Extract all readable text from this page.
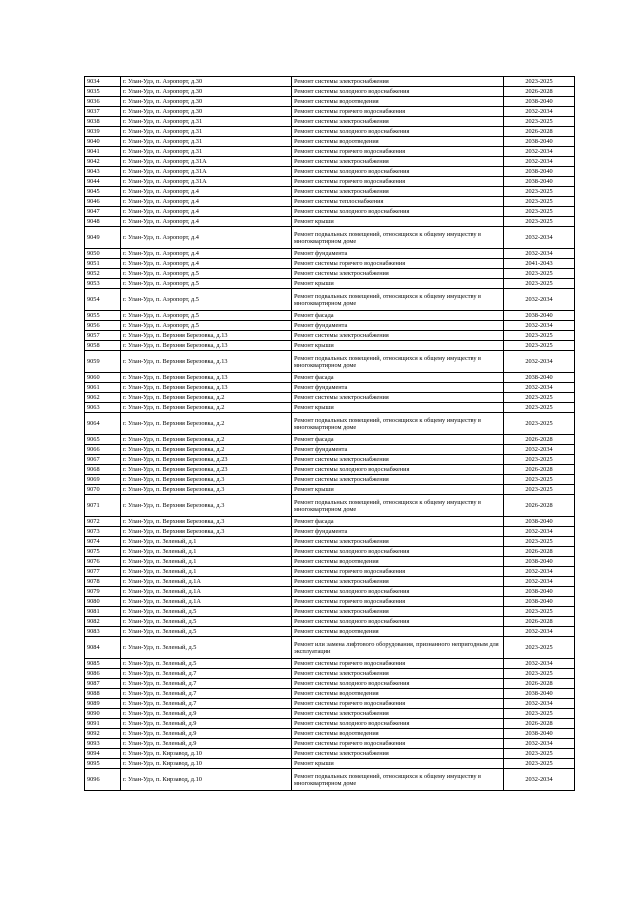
9034	г. Улан-Удэ, п. Аэропорт, д.30	Ремонт системы электроснабжения	2023-2025
9035	г. Улан-Удэ, п. Аэропорт, д.30	Ремонт системы холодного водоснабжения	2026-2028
9036	г. Улан-Удэ, п. Аэропорт, д.30	Ремонт системы водоотведения	2038-2040
9037	г. Улан-Удэ, п. Аэропорт, д.30	Ремонт системы горячего водоснабжения	2032-2034
9038	г. Улан-Удэ, п. Аэропорт, д.31	Ремонт системы электроснабжения	2023-2025
9039	г. Улан-Удэ, п. Аэропорт, д.31	Ремонт системы холодного водоснабжения	2026-2028
9040	г. Улан-Удэ, п. Аэропорт, д.31	Ремонт системы водоотведения	2038-2040
9041	г. Улан-Удэ, п. Аэропорт, д.31	Ремонт системы горячего водоснабжения	2032-2034
9042	г. Улан-Удэ, п. Аэропорт, д.31А	Ремонт системы электроснабжения	2032-2034
9043	г. Улан-Удэ, п. Аэропорт, д.31А	Ремонт системы холодного водоснабжения	2038-2040
9044	г. Улан-Удэ, п. Аэропорт, д.31А	Ремонт системы горячего водоснабжения	2038-2040
9045	г. Улан-Удэ, п. Аэропорт, д.4	Ремонт системы электроснабжения	2023-2025
9046	г. Улан-Удэ, п. Аэропорт, д.4	Ремонт системы теплоснабжения	2023-2025
9047	г. Улан-Удэ, п. Аэропорт, д.4	Ремонт системы холодного водоснабжения	2023-2025
9048	г. Улан-Удэ, п. Аэропорт, д.4	Ремонт крыши	2023-2025
9049	г. Улан-Удэ, п. Аэропорт, д.4	Ремонт подвальных помещений, относящихся к общему имуществу в многоквартирном доме	2032-2034
9050	г. Улан-Удэ, п. Аэропорт, д.4	Ремонт фундамента	2032-2034
9051	г. Улан-Удэ, п. Аэропорт, д.4	Ремонт системы горячего водоснабжения	2041-2043
9052	г. Улан-Удэ, п. Аэропорт, д.5	Ремонт системы электроснабжения	2023-2025
9053	г. Улан-Удэ, п. Аэропорт, д.5	Ремонт крыши	2023-2025
9054	г. Улан-Удэ, п. Аэропорт, д.5	Ремонт подвальных помещений, относящихся к общему имуществу в многоквартирном доме	2032-2034
9055	г. Улан-Удэ, п. Аэропорт, д.5	Ремонт фасада	2038-2040
9056	г. Улан-Удэ, п. Аэропорт, д.5	Ремонт фундамента	2032-2034
9057	г. Улан-Удэ, п. Верхняя Березовка, д.13	Ремонт системы электроснабжения	2023-2025
9058	г. Улан-Удэ, п. Верхняя Березовка, д.13	Ремонт крыши	2023-2025
9059	г. Улан-Удэ, п. Верхняя Березовка, д.13	Ремонт подвальных помещений, относящихся к общему имуществу в многоквартирном доме	2032-2034
9060	г. Улан-Удэ, п. Верхняя Березовка, д.13	Ремонт фасада	2038-2040
9061	г. Улан-Удэ, п. Верхняя Березовка, д.13	Ремонт фундамента	2032-2034
9062	г. Улан-Удэ, п. Верхняя Березовка, д.2	Ремонт системы электроснабжения	2023-2025
9063	г. Улан-Удэ, п. Верхняя Березовка, д.2	Ремонт крыши	2023-2025
9064	г. Улан-Удэ, п. Верхняя Березовка, д.2	Ремонт подвальных помещений, относящихся к общему имуществу в многоквартирном доме	2023-2025
9065	г. Улан-Удэ, п. Верхняя Березовка, д.2	Ремонт фасада	2026-2028
9066	г. Улан-Удэ, п. Верхняя Березовка, д.2	Ремонт фундамента	2032-2034
9067	г. Улан-Удэ, п. Верхняя Березовка, д.23	Ремонт системы электроснабжения	2023-2025
9068	г. Улан-Удэ, п. Верхняя Березовка, д.23	Ремонт системы холодного водоснабжения	2026-2028
9069	г. Улан-Удэ, п. Верхняя Березовка, д.3	Ремонт системы электроснабжения	2023-2025
9070	г. Улан-Удэ, п. Верхняя Березовка, д.3	Ремонт крыши	2023-2025
9071	г. Улан-Удэ, п. Верхняя Березовка, д.3	Ремонт подвальных помещений, относящихся к общему имуществу в многоквартирном доме	2026-2028
9072	г. Улан-Удэ, п. Верхняя Березовка, д.3	Ремонт фасада	2038-2040
9073	г. Улан-Удэ, п. Верхняя Березовка, д.3	Ремонт фундамента	2032-2034
9074	г. Улан-Удэ, п. Зеленый, д.1	Ремонт системы электроснабжения	2023-2025
9075	г. Улан-Удэ, п. Зеленый, д.1	Ремонт системы холодного водоснабжения	2026-2028
9076	г. Улан-Удэ, п. Зеленый, д.1	Ремонт системы водоотведения	2038-2040
9077	г. Улан-Удэ, п. Зеленый, д.1	Ремонт системы горячего водоснабжения	2032-2034
9078	г. Улан-Удэ, п. Зеленый, д.1А	Ремонт системы электроснабжения	2032-2034
9079	г. Улан-Удэ, п. Зеленый, д.1А	Ремонт системы холодного водоснабжения	2038-2040
9080	г. Улан-Удэ, п. Зеленый, д.1А	Ремонт системы горячего водоснабжения	2038-2040
9081	г. Улан-Удэ, п. Зеленый, д.5	Ремонт системы электроснабжения	2023-2025
9082	г. Улан-Удэ, п. Зеленый, д.5	Ремонт системы холодного водоснабжения	2026-2028
9083	г. Улан-Удэ, п. Зеленый, д.5	Ремонт системы водоотведения	2032-2034
9084	г. Улан-Удэ, п. Зеленый, д.5	Ремонт или замена лифтового оборудования, признанного непригодным для эксплуатации	2023-2025
9085	г. Улан-Удэ, п. Зеленый, д.5	Ремонт системы горячего водоснабжения	2032-2034
9086	г. Улан-Удэ, п. Зеленый, д.7	Ремонт системы электроснабжения	2023-2025
9087	г. Улан-Удэ, п. Зеленый, д.7	Ремонт системы холодного водоснабжения	2026-2028
9088	г. Улан-Удэ, п. Зеленый, д.7	Ремонт системы водоотведения	2038-2040
9089	г. Улан-Удэ, п. Зеленый, д.7	Ремонт системы горячего водоснабжения	2032-2034
9090	г. Улан-Удэ, п. Зеленый, д.9	Ремонт системы электроснабжения	2023-2025
9091	г. Улан-Удэ, п. Зеленый, д.9	Ремонт системы холодного водоснабжения	2026-2028
9092	г. Улан-Удэ, п. Зеленый, д.9	Ремонт системы водоотведения	2038-2040
9093	г. Улан-Удэ, п. Зеленый, д.9	Ремонт системы горячего водоснабжения	2032-2034
9094	г. Улан-Удэ, п. Кирзавод, д.10	Ремонт системы электроснабжения	2023-2025
9095	г. Улан-Удэ, п. Кирзавод, д.10	Ремонт крыши	2023-2025
9096	г. Улан-Удэ, п. Кирзавод, д.10	Ремонт подвальных помещений, относящихся к общему имуществу в многоквартирном доме	2032-2034
